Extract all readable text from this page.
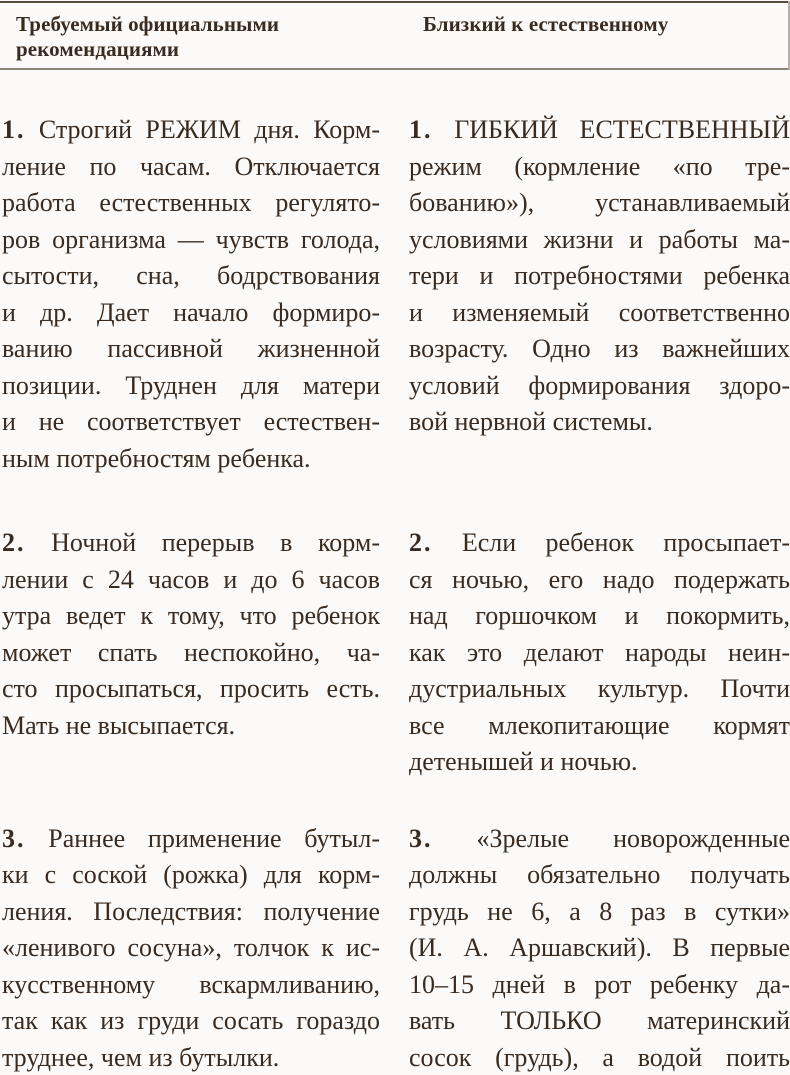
Требуемый официальными
рекомендациями
Близкий к естественному
1. Строгий РЕЖИМ дня. Корм-
ление по часам. Отключается
работа естественных регулято-
ров организма — чувств голода,
сытости, сна, бодрствования
и др. Дает начало формиро-
ванию пассивной жизненной
позиции. Труднен для матери
и не соответствует естествен-
ным потребностям ребенка.
1. ГИБКИЙ ЕСТЕСТВЕННЫЙ
режим (кормление «по тре-
бованию»), устанавливаемый
условиями жизни и работы ма-
тери и потребностями ребенка
и изменяемый соответственно
возрасту. Одно из важнейших
условий формирования здоро-
вой нервной системы.
2. Ночной перерыв в корм-
лении с 24 часов и до 6 часов
утра ведет к тому, что ребенок
может спать неспокойно, ча-
сто просыпаться, просить есть.
Мать не высыпается.
2. Если ребенок просыпает-
ся ночью, его надо подержать
над горшочком и покормить,
как это делают народы неин-
дустриальных культур. Почти
все млекопитающие кормят
детенышей и ночью.
3. Раннее применение бутыл-
ки с соской (рожка) для корм-
ления. Последствия: получение
«ленивого сосуна», толчок к ис-
кусственному вскармливанию,
так как из груди сосать гораздо
труднее, чем из бутылки.
3. «Зрелые новорожденные
должны обязательно получать
грудь не 6, а 8 раз в сутки»
(И. А. Аршавский). В первые
10–15 дней в рот ребенку да-
вать ТОЛЬКО материнский
сосок (грудь), а водой поить
